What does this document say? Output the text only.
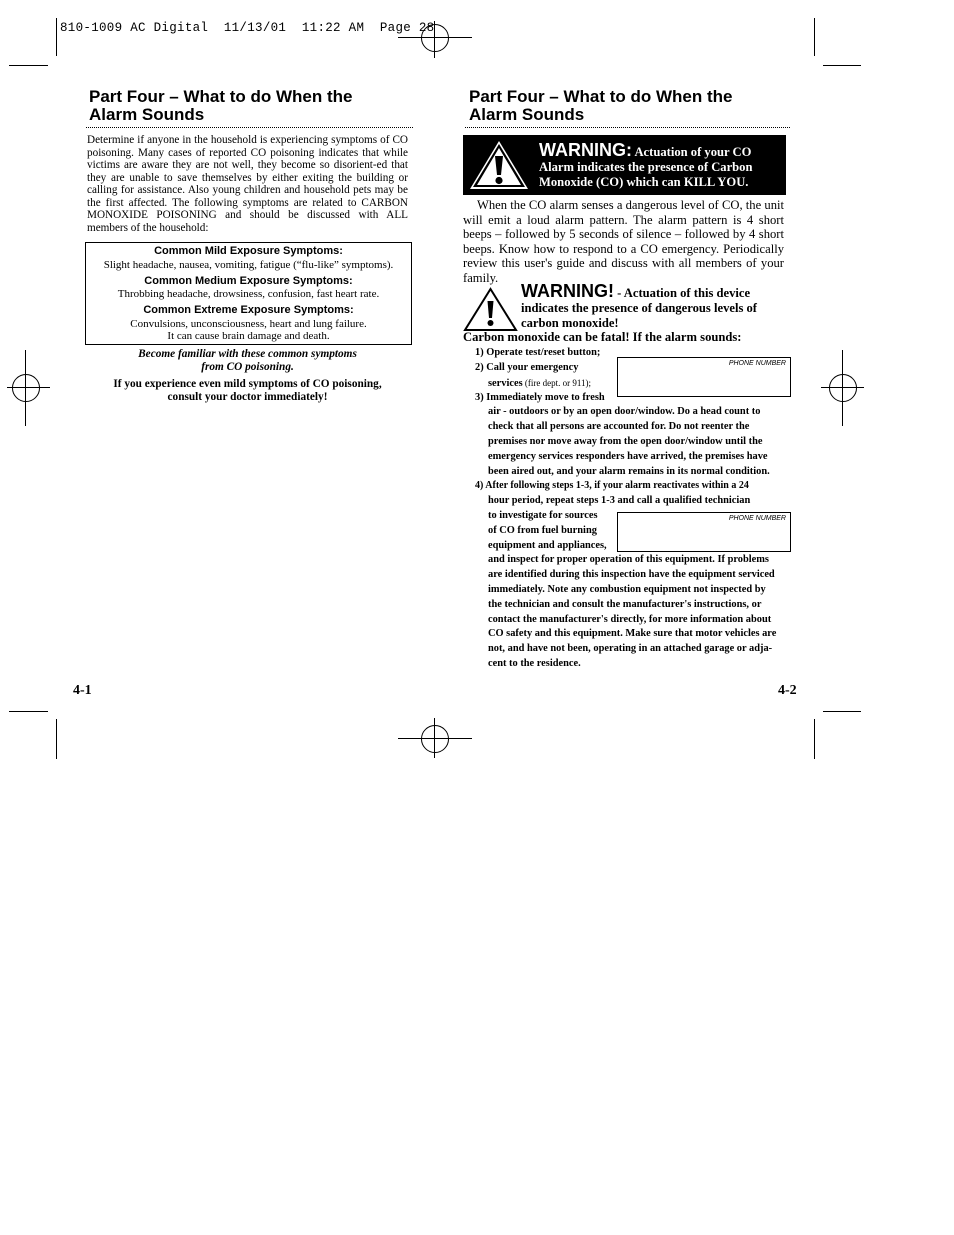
810-1009 AC Digital  11/13/01  11:22 AM  Page 28
Part Four – What to do When the
Alarm Sounds
Determine if anyone in the household is experiencing symptoms of CO poisoning. Many cases of reported CO poisoning indicates that while victims are aware they are not well, they become so disorient-ed that they are unable to save themselves by either exiting the building or calling for assistance. Also young children and household pets may be the first affected. The following symptoms are related to CARBON MONOXIDE POISONING and should be discussed with ALL members of the household:
Common Mild Exposure Symptoms:
Slight headache, nausea, vomiting, fatigue (“flu-like” symptoms).
Common Medium Exposure Symptoms:
Throbbing headache, drowsiness, confusion, fast heart rate.
Common Extreme Exposure Symptoms:
Convulsions, unconsciousness, heart and lung failure.
It can cause brain damage and death.
Become familiar with these common symptoms
from CO poisoning.
If you experience even mild symptoms of CO poisoning,
consult your doctor immediately!
4-1
Part Four – What to do When the
Alarm Sounds
WARNING: Actuation of your CO Alarm indicates the presence of Carbon Monoxide (CO) which can KILL YOU.
When the CO alarm senses a dangerous level of CO, the unit will emit a loud alarm pattern. The alarm pattern is 4 short beeps – followed by 5 seconds of silence – followed by 4 short beeps. Know how to respond to a CO emergency. Periodically review this user's guide and discuss with all members of your family.
WARNING! - Actuation of this device indicates the presence of dangerous levels of carbon monoxide!
Carbon monoxide can be fatal! If the alarm sounds:
1) Operate test/reset button;
2) Call your emergency
services (fire dept. or 911);
PHONE NUMBER
3) Immediately move to fresh
air - outdoors or by an open door/window. Do a head count to
check that all persons are accounted for. Do not reenter the
premises nor move away from the open door/window until the
emergency services responders have arrived, the premises have
been aired out, and your alarm remains in its normal condition.
4) After following steps 1-3, if your alarm reactivates within a 24
hour period, repeat steps 1-3 and call a qualified technician
to investigate for sources
of CO from fuel burning
equipment and appliances,
PHONE NUMBER
and inspect for proper operation of this equipment. If problems
are identified during this inspection have the equipment serviced
immediately. Note any combustion equipment not inspected by
the technician and consult the manufacturer's instructions, or
contact the manufacturer's directly, for more information about
CO safety and this equipment. Make sure that motor vehicles are
not, and have not been, operating in an attached garage or adja-
cent to the residence.
4-2
